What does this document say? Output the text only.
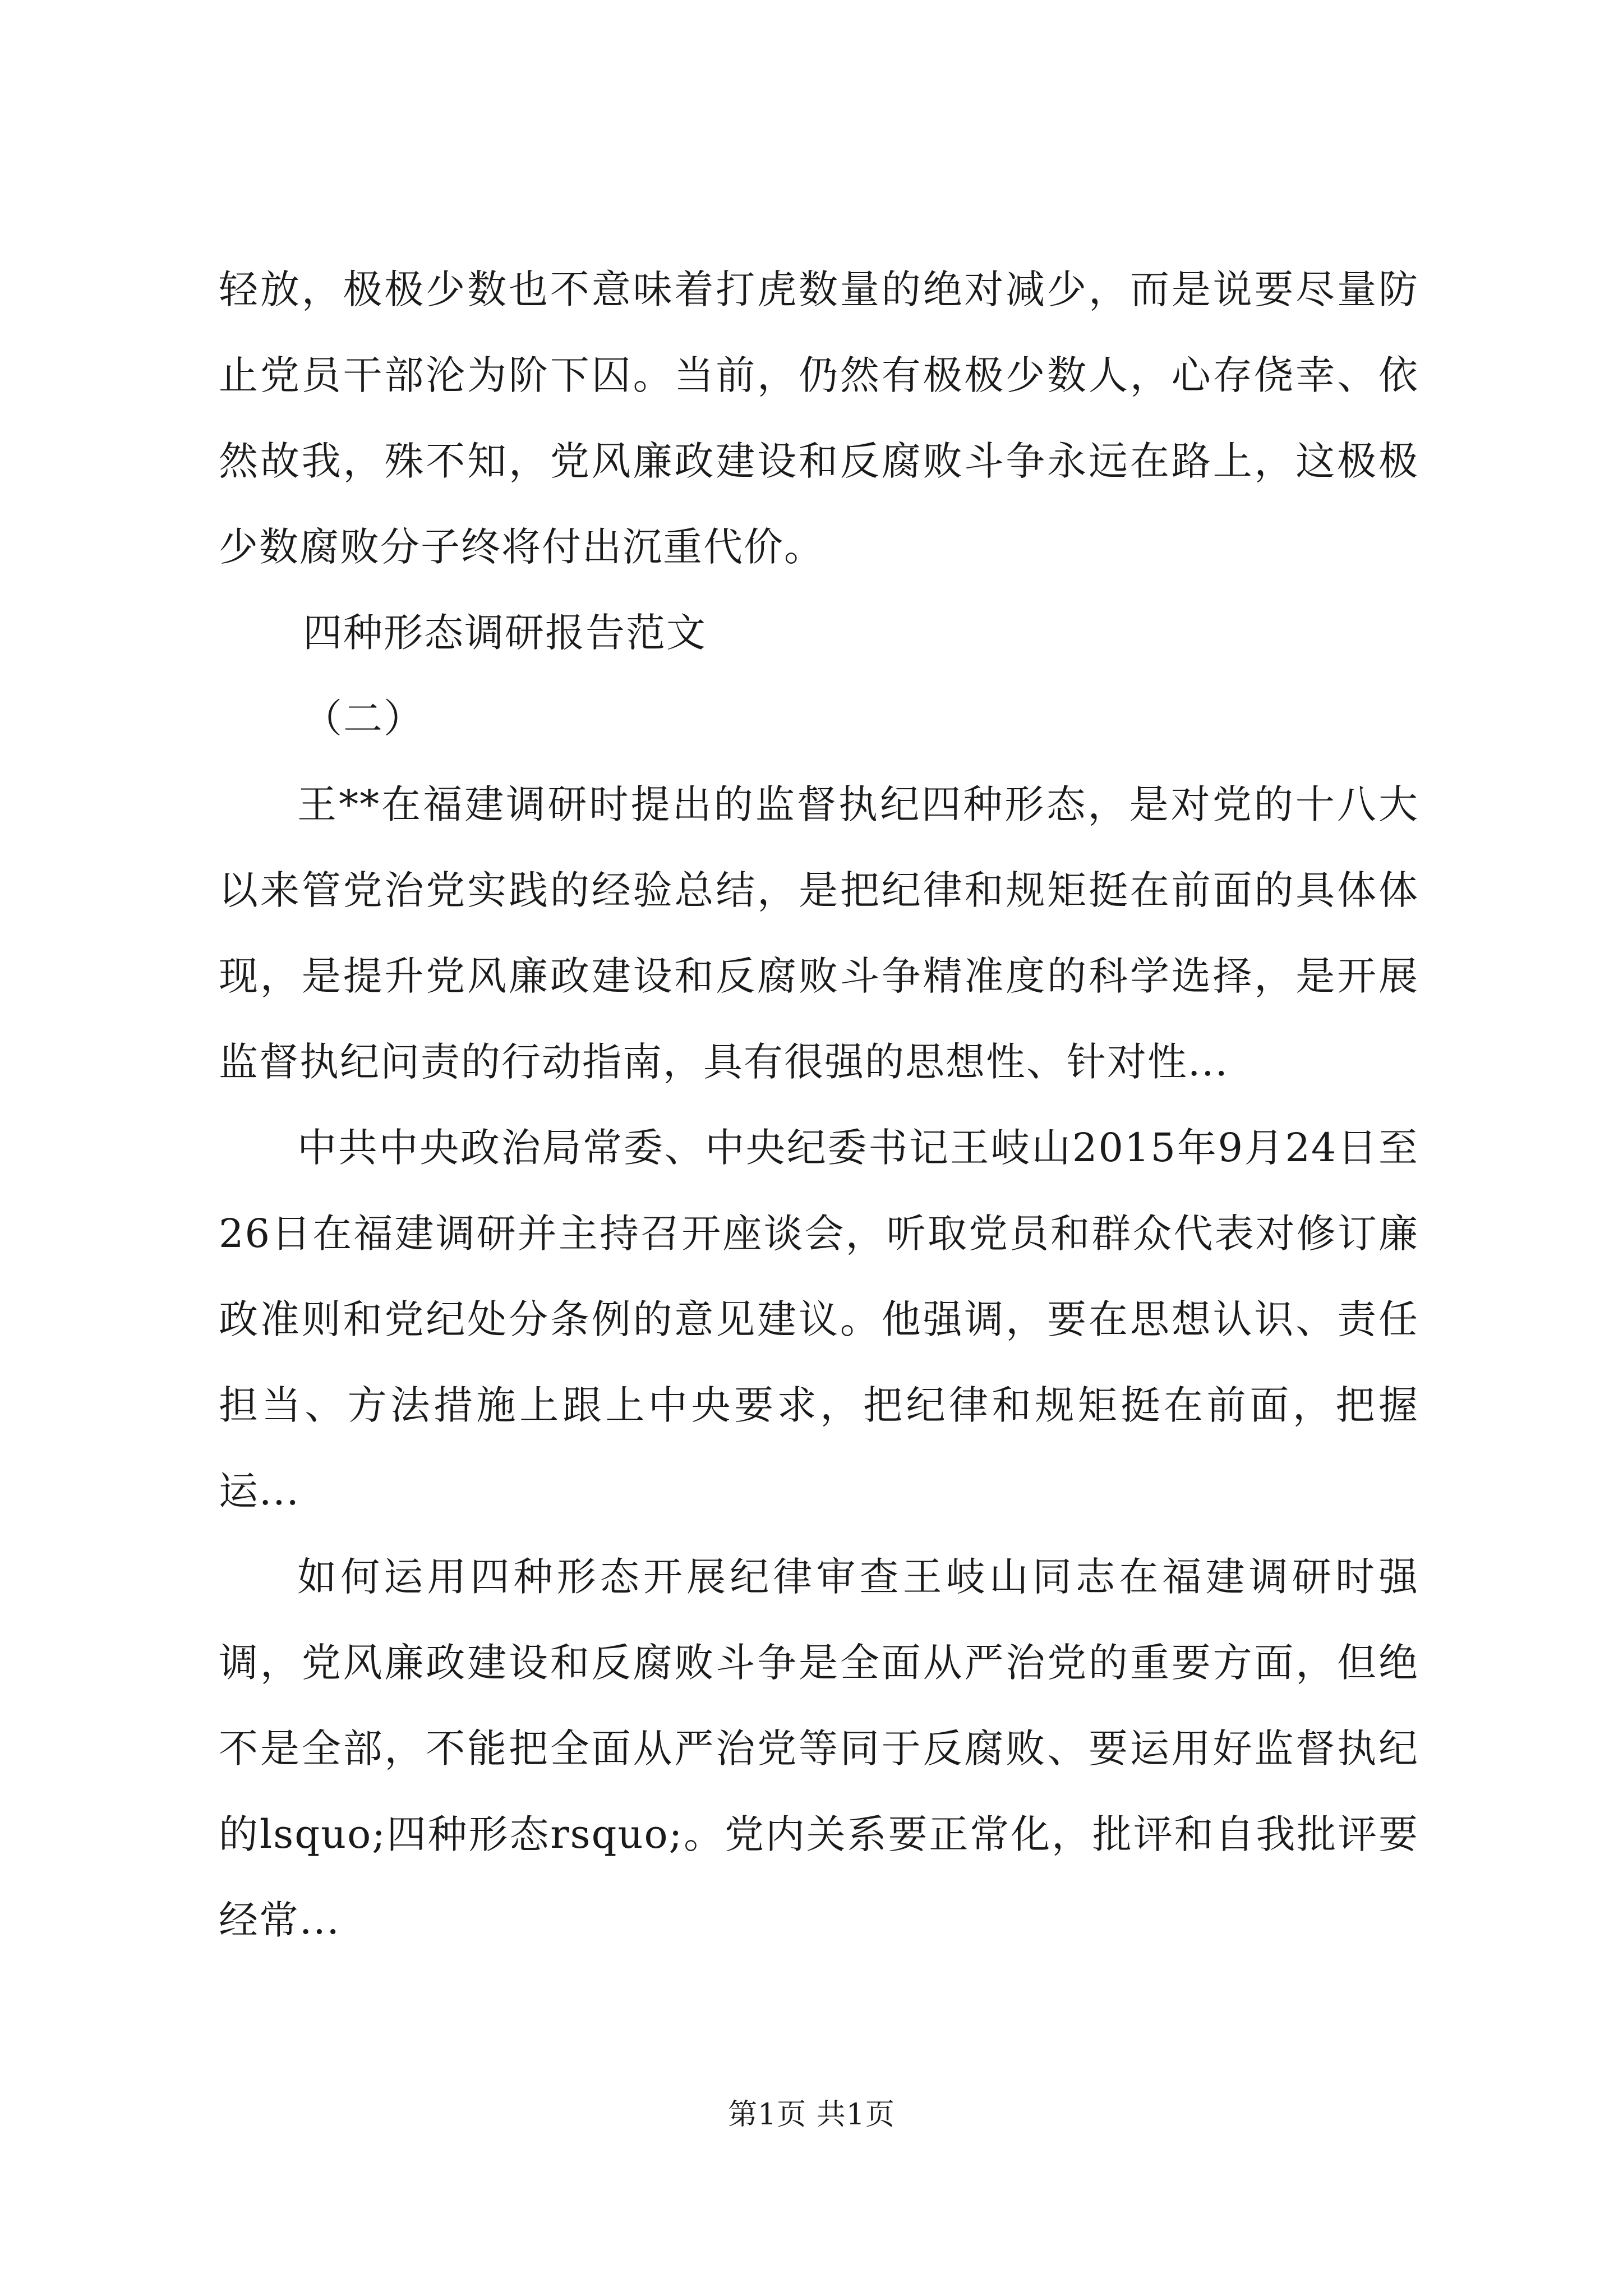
轻放，极极少数也不意味着打虎数量的绝对减少，而是说要尽量防止党员干部沦为阶下囚。当前，仍然有极极少数人，心存侥幸、依然故我，殊不知，党风廉政建设和反腐败斗争永远在路上，这极极少数腐败分子终将付出沉重代价。

四种形态调研报告范文

（二）

王**在福建调研时提出的监督执纪四种形态，是对党的十八大以来管党治党实践的经验总结，是把纪律和规矩挺在前面的具体体现，是提升党风廉政建设和反腐败斗争精准度的科学选择，是开展监督执纪问责的行动指南，具有很强的思想性、针对性...

中共中央政治局常委、中央纪委书记王岐山2015年9月24日至26日在福建调研并主持召开座谈会，听取党员和群众代表对修订廉政准则和党纪处分条例的意见建议。他强调，要在思想认识、责任担当、方法措施上跟上中央要求，把纪律和规矩挺在前面，把握运...

如何运用四种形态开展纪律审查王岐山同志在福建调研时强调，党风廉政建设和反腐败斗争是全面从严治党的重要方面，但绝不是全部，不能把全面从严治党等同于反腐败、要运用好监督执纪的lsquo;四种形态rsquo;。党内关系要正常化，批评和自我批评要经常...

第1页 共1页
